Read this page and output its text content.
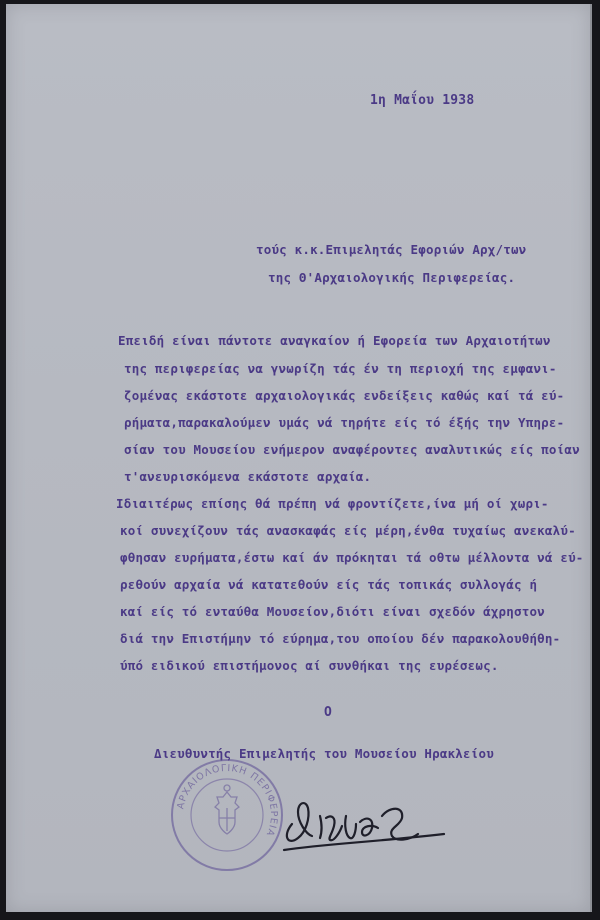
1η Μαΐου 1938
τούς κ.κ.Επιμελητάς Εφοριών Αρχ/των
της Θ'Αρχαιολογικής Περιφερείας.
Επειδή είναι πάντοτε αναγκαίον ή Εφορεία των Αρχαιοτήτων
της περιφερείας να γνωρίζη τάς έν τη περιοχή της εμφανι-
ζομένας εκάστοτε αρχαιολογικάς ενδείξεις καθώς καί τά εύ-
ρήματα,παρακαλούμεν υμάς νά τηρήτε είς τό έξής την Υπηρε-
σίαν του Μουσείου ενήμερον αναφέροντες αναλυτικώς είς ποίαν
τ'ανευρισκόμενα εκάστοτε αρχαία.
Ιδιαιτέρως επίσης θά πρέπη νά φροντίζετε,ίνα μή οί χωρι-
κοί συνεχίζουν τάς ανασκαφάς είς μέρη,ένθα τυχαίως ανεκαλύ-
φθησαν ευρήματα,έστω καί άν πρόκηται τά οθτω μέλλοντα νά εύ-
ρεθούν αρχαία νά κατατεθούν είς τάς τοπικάς συλλογάς ή
καί είς τό ενταύθα Μουσείον,διότι είναι σχεδόν άχρηστον
διά την Επιστήμην τό εύρημα,του οποίου δέν παρακολουθήθη-
ύπό ειδικού επιστήμονος αί συνθήκαι της ευρέσεως.
Ο
Διευθυντής Επιμελητής του Μουσείου Ηρακλείου
ΑΡΧΑΙΟΛΟΓΙΚΗ ΠΕΡΙΦΕΡΕΙΑ
